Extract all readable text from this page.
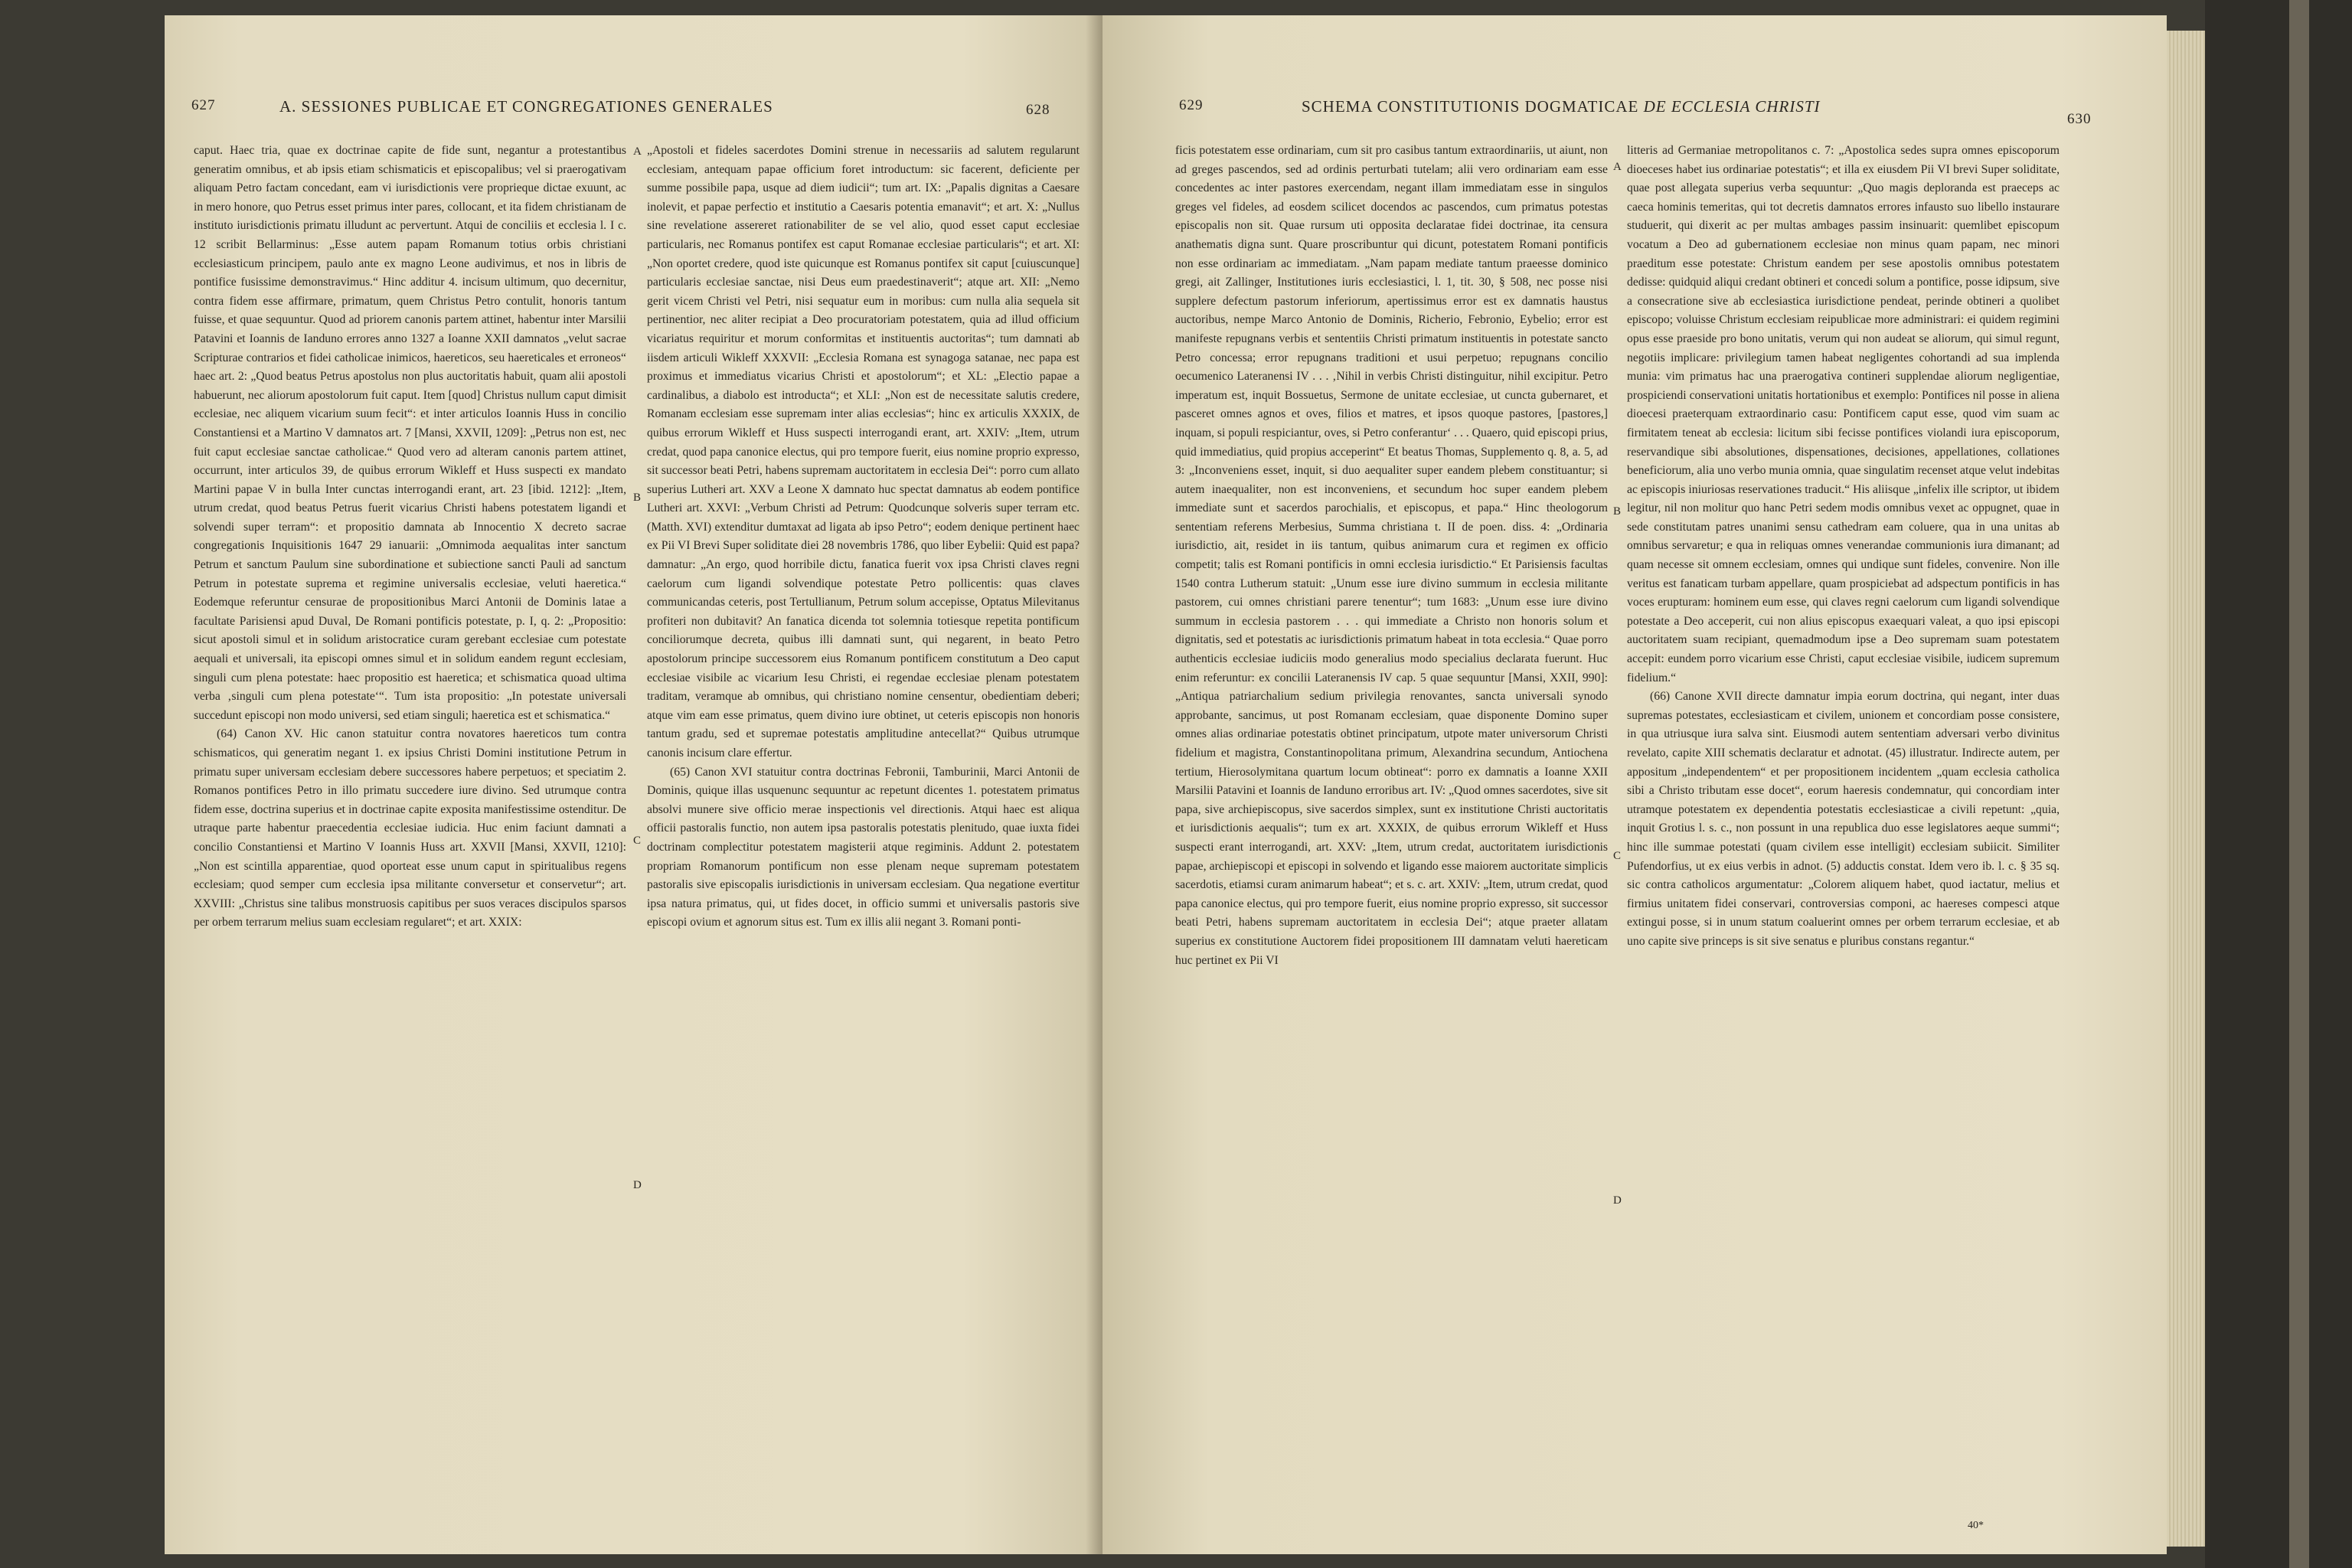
627	A. SESSIONES PUBLICAE ET CONGREGATIONES GENERALES	628

caput. Haec tria, quae ex doctrinae capite de fide sunt, negantur a protestantibus generatim omnibus, et ab ipsis etiam schismaticis et episcopalibus; vel si praerogativam aliquam Petro factam concedant, eam vi iurisdictionis vere proprieque dictae exuunt, ac in mero honore, quo Petrus esset primus inter pares, collocant, et ita fidem christianam de instituto iurisdictionis primatu illudunt ac pervertunt. Atqui de conciliis et ecclesia l. I c. 12 scribit Bellarminus: „Esse autem papam Romanum totius orbis christiani ecclesiasticum principem, paulo ante ex magno Leone audivimus, et nos in libris de pontifice fusissime demonstravimus.“ Hinc additur 4. incisum ultimum, quo decernitur, contra fidem esse affirmare, primatum, quem Christus Petro contulit, honoris tantum fuisse, et quae sequuntur. Quod ad priorem canonis partem attinet, habentur inter Marsilii Patavini et Ioannis de Ianduno errores anno 1327 a Ioanne XXII damnatos „velut sacrae Scripturae contrarios et fidei catholicae inimicos, haereticos, seu haereticales et erroneos“ haec art. 2: „Quod beatus Petrus apostolus non plus auctoritatis habuit, quam alii apostoli habuerunt, nec aliorum apostolorum fuit caput. Item [quod] Christus nullum caput dimisit ecclesiae, nec aliquem vicarium suum fecit“: et inter articulos Ioannis Huss in concilio Constantiensi et a Martino V damnatos art. 7 [Mansi, XXVII, 1209]: „Petrus non est, nec fuit caput ecclesiae sanctae catholicae.“ Quod vero ad alteram canonis partem attinet, occurrunt, inter articulos 39, de quibus errorum Wikleff et Huss suspecti ex mandato Martini papae V in bulla Inter cunctas interrogandi erant, art. 23 [ibid. 1212]: „Item, utrum credat, quod beatus Petrus fuerit vicarius Christi habens potestatem ligandi et solvendi super terram“: et propositio damnata ab Innocentio X decreto sacrae congregationis Inquisitionis 1647 29 ianuarii: „Omnimoda aequalitas inter sanctum Petrum et sanctum Paulum sine subordinatione et subiectione sancti Pauli ad sanctum Petrum in potestate suprema et regimine universalis ecclesiae, veluti haeretica.“ Eodemque referuntur censurae de propositionibus Marci Antonii de Dominis latae a facultate Parisiensi apud Duval, De Romani pontificis potestate, p. I, q. 2: „Propositio: sicut apostoli simul et in solidum aristocratice curam gerebant ecclesiae cum potestate aequali et universali, ita episcopi omnes simul et in solidum eandem regunt ecclesiam, singuli cum plena potestate: haec propositio est haeretica; et schismatica quoad ultima verba ‚singuli cum plena potestate‘“. Tum ista propositio: „In potestate universali succedunt episcopi non modo universi, sed etiam singuli; haeretica est et schismatica.“

(64) Canon XV. Hic canon statuitur contra novatores haereticos tum contra schismaticos, qui generatim negant 1. ex ipsius Christi Domini institutione Petrum in primatu super universam ecclesiam debere successores habere perpetuos; et speciatim 2. Romanos pontifices Petro in illo primatu succedere iure divino. Sed utrumque contra fidem esse, doctrina superius et in doctrinae capite exposita manifestissime ostenditur. De utraque parte habentur praecedentia ecclesiae iudicia. Huc enim faciunt damnati a concilio Constantiensi et Martino V Ioannis Huss art. XXVII [Mansi, XXVII, 1210]: „Non est scintilla apparentiae, quod oporteat esse unum caput in spiritualibus regens ecclesiam; quod semper cum ecclesia ipsa militante conversetur et conservetur“; art. XXVIII: „Christus sine talibus monstruosis capitibus per suos veraces discipulos sparsos per orbem terrarum melius suam ecclesiam regularet“; et art. XXIX:

A
B
C
D

„Apostoli et fideles sacerdotes Domini strenue in necessariis ad salutem regularunt ecclesiam, antequam papae officium foret introductum: sic facerent, deficiente per summe possibile papa, usque ad diem iudicii“; tum art. IX: „Papalis dignitas a Caesare inolevit, et papae perfectio et institutio a Caesaris potentia emanavit“; et art. X: „Nullus sine revelatione assereret rationabiliter de se vel alio, quod esset caput ecclesiae particularis, nec Romanus pontifex est caput Romanae ecclesiae particularis“; et art. XI: „Non oportet credere, quod iste quicunque est Romanus pontifex sit caput [cuiuscunque] particularis ecclesiae sanctae, nisi Deus eum praedestinaverit“; atque art. XII: „Nemo gerit vicem Christi vel Petri, nisi sequatur eum in moribus: cum nulla alia sequela sit pertinentior, nec aliter recipiat a Deo procuratoriam potestatem, quia ad illud officium vicariatus requiritur et morum conformitas et instituentis auctoritas“; tum damnati ab iisdem articuli Wikleff XXXVII: „Ecclesia Romana est synagoga satanae, nec papa est proximus et immediatus vicarius Christi et apostolorum“; et XL: „Electio papae a cardinalibus, a diabolo est introducta“; et XLI: „Non est de necessitate salutis credere, Romanam ecclesiam esse supremam inter alias ecclesias“; hinc ex articulis XXXIX, de quibus errorum Wikleff et Huss suspecti interrogandi erant, art. XXIV: „Item, utrum credat, quod papa canonice electus, qui pro tempore fuerit, eius nomine proprio expresso, sit successor beati Petri, habens supremam auctoritatem in ecclesia Dei“: porro cum allato superius Lutheri art. XXV a Leone X damnato huc spectat damnatus ab eodem pontifice Lutheri art. XXVI: „Verbum Christi ad Petrum: Quodcunque solveris super terram etc. (Matth. XVI) extenditur dumtaxat ad ligata ab ipso Petro“; eodem denique pertinent haec ex Pii VI Brevi Super soliditate diei 28 novembris 1786, quo liber Eybelii: Quid est papa? damnatur: „An ergo, quod horribile dictu, fanatica fuerit vox ipsa Christi claves regni caelorum cum ligandi solvendique potestate Petro pollicentis: quas claves communicandas ceteris, post Tertullianum, Petrum solum accepisse, Optatus Milevitanus profiteri non dubitavit? An fanatica dicenda tot solemnia totiesque repetita pontificum conciliorumque decreta, quibus illi damnati sunt, qui negarent, in beato Petro apostolorum principe successorem eius Romanum pontificem constitutum a Deo caput ecclesiae visibile ac vicarium Iesu Christi, ei regendae ecclesiae plenam potestatem traditam, veramque ab omnibus, qui christiano nomine censentur, obedientiam deberi; atque vim eam esse primatus, quem divino iure obtinet, ut ceteris episcopis non honoris tantum gradu, sed et supremae potestatis amplitudine antecellat?“ Quibus utrumque canonis incisum clare effertur.

(65) Canon XVI statuitur contra doctrinas Febronii, Tamburinii, Marci Antonii de Dominis, quique illas usquenunc sequuntur ac repetunt dicentes 1. potestatem primatus absolvi munere sive officio merae inspectionis vel directionis. Atqui haec est aliqua officii pastoralis functio, non autem ipsa pastoralis potestatis plenitudo, quae iuxta fidei doctrinam complectitur potestatem magisterii atque regiminis. Addunt 2. potestatem propriam Romanorum pontificum non esse plenam neque supremam potestatem pastoralis sive episcopalis iurisdictionis in universam ecclesiam. Qua negatione evertitur ipsa natura primatus, qui, ut fides docet, in officio summi et universalis pastoris sive episcopi ovium et agnorum situs est. Tum ex illis alii negant 3. Romani ponti-

629	SCHEMA CONSTITUTIONIS DOGMATICAE DE ECCLESIA CHRISTI
630

ficis potestatem esse ordinariam, cum sit pro casibus tantum extraordinariis, ut aiunt, non ad greges pascendos, sed ad ordinis perturbati tutelam; alii vero ordinariam eam esse concedentes ac inter pastores exercendam, negant illam immediatam esse in singulos greges vel fideles, ad eosdem scilicet docendos ac pascendos, cum primatus potestas episcopalis non sit. Quae rursum uti opposita declaratae fidei doctrinae, ita censura anathematis digna sunt. Quare proscribuntur qui dicunt, potestatem Romani pontificis non esse ordinariam ac immediatam. „Nam papam mediate tantum praeesse dominico gregi, ait Zallinger, Institutiones iuris ecclesiastici, l. 1, tit. 30, § 508, nec posse nisi supplere defectum pastorum inferiorum, apertissimus error est ex damnatis haustus auctoribus, nempe Marco Antonio de Dominis, Richerio, Febronio, Eybelio; error est manifeste repugnans verbis et sententiis Christi primatum instituentis in potestate sancto Petro concessa; error repugnans traditioni et usui perpetuo; repugnans concilio oecumenico Lateranensi IV . . . ‚Nihil in verbis Christi distinguitur, nihil excipitur. Petro imperatum est, inquit Bossuetus, Sermone de unitate ecclesiae, ut cuncta gubernaret, et pasceret omnes agnos et oves, filios et matres, et ipsos quoque pastores, [pastores,] inquam, si populi respiciantur, oves, si Petro conferantur‘ . . . Quaero, quid episcopi prius, quid immediatius, quid propius acceperint“ Et beatus Thomas, Supplemento q. 8, a. 5, ad 3: „Inconveniens esset, inquit, si duo aequaliter super eandem plebem constituantur; si autem inaequaliter, non est inconveniens, et secundum hoc super eandem plebem immediate sunt et sacerdos parochialis, et episcopus, et papa.“ Hinc theologorum sententiam referens Merbesius, Summa christiana t. II de poen. diss. 4: „Ordinaria iurisdictio, ait, residet in iis tantum, quibus animarum cura et regimen ex officio competit; talis est Romani pontificis in omni ecclesia iurisdictio.“ Et Parisiensis facultas 1540 contra Lutherum statuit: „Unum esse iure divino summum in ecclesia militante pastorem, cui omnes christiani parere tenentur“; tum 1683: „Unum esse iure divino summum in ecclesia pastorem . . . qui immediate a Christo non honoris solum et dignitatis, sed et potestatis ac iurisdictionis primatum habeat in tota ecclesia.“ Quae porro authenticis ecclesiae iudiciis modo generalius modo specialius declarata fuerunt. Huc enim referuntur: ex concilii Lateranensis IV cap. 5 quae sequuntur [Mansi, XXII, 990]: „Antiqua patriarchalium sedium privilegia renovantes, sancta universali synodo approbante, sancimus, ut post Romanam ecclesiam, quae disponente Domino super omnes alias ordinariae potestatis obtinet principatum, utpote mater universorum Christi fidelium et magistra, Constantinopolitana primum, Alexandrina secundum, Antiochena tertium, Hierosolymitana quartum locum obtineat“: porro ex damnatis a Ioanne XXII Marsilii Patavini et Ioannis de Ianduno erroribus art. IV: „Quod omnes sacerdotes, sive sit papa, sive archiepiscopus, sive sacerdos simplex, sunt ex institutione Christi auctoritatis et iurisdictionis aequalis“; tum ex art. XXXIX, de quibus errorum Wikleff et Huss suspecti erant interrogandi, art. XXV: „Item, utrum credat, auctoritatem iurisdictionis papae, archiepiscopi et episcopi in solvendo et ligando esse maiorem auctoritate simplicis sacerdotis, etiamsi curam animarum habeat“; et s. c. art. XXIV: „Item, utrum credat, quod papa canonice electus, qui pro tempore fuerit, eius nomine proprio expresso, sit successor beati Petri, habens supremam auctoritatem in ecclesia Dei“; atque praeter allatam superius ex constitutione Auctorem fidei propositionem III damnatam veluti haereticam huc pertinet ex Pii VI

A
B
C
D

litteris ad Germaniae metropolitanos c. 7: „Apostolica sedes supra omnes episcoporum dioeceses habet ius ordinariae potestatis“; et illa ex eiusdem Pii VI brevi Super soliditate, quae post allegata superius verba sequuntur: „Quo magis deploranda est praeceps ac caeca hominis temeritas, qui tot decretis damnatos errores infausto suo libello instaurare studuerit, qui dixerit ac per multas ambages passim insinuarit: quemlibet episcopum vocatum a Deo ad gubernationem ecclesiae non minus quam papam, nec minori praeditum esse potestate: Christum eandem per sese apostolis omnibus potestatem dedisse: quidquid aliqui credant obtineri et concedi solum a pontifice, posse idipsum, sive a consecratione sive ab ecclesiastica iurisdictione pendeat, perinde obtineri a quolibet episcopo; voluisse Christum ecclesiam reipublicae more administrari: ei quidem regimini opus esse praeside pro bono unitatis, verum qui non audeat se aliorum, qui simul regunt, negotiis implicare: privilegium tamen habeat negligentes cohortandi ad sua implenda munia: vim primatus hac una praerogativa contineri supplendae aliorum negligentiae, prospiciendi conservationi unitatis hortationibus et exemplo: Pontifices nil posse in aliena dioecesi praeterquam extraordinario casu: Pontificem caput esse, quod vim suam ac firmitatem teneat ab ecclesia: licitum sibi fecisse pontifices violandi iura episcoporum, reservandique sibi absolutiones, dispensationes, decisiones, appellationes, collationes beneficiorum, alia uno verbo munia omnia, quae singulatim recenset atque velut indebitas ac episcopis iniuriosas reservationes traducit.“ His aliisque „infelix ille scriptor, ut ibidem legitur, nil non molitur quo hanc Petri sedem modis omnibus vexet ac oppugnet, quae in sede constitutam patres unanimi sensu cathedram eam coluere, qua in una unitas ab omnibus servaretur; e qua in reliquas omnes venerandae communionis iura dimanant; ad quam necesse sit omnem ecclesiam, omnes qui undique sunt fideles, convenire. Non ille veritus est fanaticam turbam appellare, quam prospiciebat ad adspectum pontificis in has voces erupturam: hominem eum esse, qui claves regni caelorum cum ligandi solvendique potestate a Deo acceperit, cui non alius episcopus exaequari valeat, a quo ipsi episcopi auctoritatem suam recipiant, quemadmodum ipse a Deo supremam suam potestatem accepit: eundem porro vicarium esse Christi, caput ecclesiae visibile, iudicem supremum fidelium.“

(66) Canone XVII directe damnatur impia eorum doctrina, qui negant, inter duas supremas potestates, ecclesiasticam et civilem, unionem et concordiam posse consistere, in qua utriusque iura salva sint. Eiusmodi autem sententiam adversari verbo divinitus revelato, capite XIII schematis declaratur et adnotat. (45) illustratur. Indirecte autem, per appositum „independentem“ et per propositionem incidentem „quam ecclesia catholica sibi a Christo tributam esse docet“, eorum haeresis condemnatur, qui concordiam inter utramque potestatem ex dependentia potestatis ecclesiasticae a civili repetunt: „quia, inquit Grotius l. s. c., non possunt in una republica duo esse legislatores aeque summi“; hinc ille summae potestati (quam civilem esse intelligit) ecclesiam subiicit. Similiter Pufendorfius, ut ex eius verbis in adnot. (5) adductis constat. Idem vero ib. l. c. § 35 sq. sic contra catholicos argumentatur: „Colorem aliquem habet, quod iactatur, melius et firmius unitatem fidei conservari, controversias componi, ac haereses compesci atque extingui posse, si in unum statum coaluerint omnes per orbem terrarum ecclesiae, et ab uno capite sive princeps is sit sive senatus e pluribus constans regantur.“

40*
